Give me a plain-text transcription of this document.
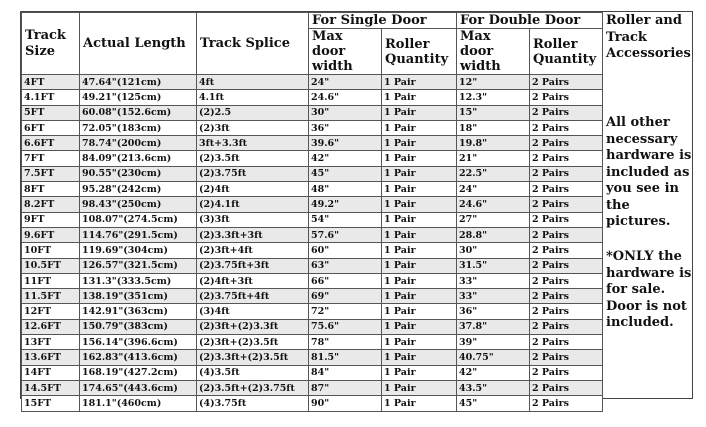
Track Size	Actual Length	Track Splice	For Single Door		For Double Door	
			Max door width	Roller Quantity	Max door width	Roller Quantity
4FT	47.64"(121cm)	4ft	24"	1 Pair	12"	2 Pairs
4.1FT	49.21"(125cm)	4.1ft	24.6"	1 Pair	12.3"	2 Pairs
5FT	60.08"(152.6cm)	(2)2.5	30"	1 Pair	15"	2 Pairs
6FT	72.05"(183cm)	(2)3ft	36"	1 Pair	18"	2 Pairs
6.6FT	78.74"(200cm)	3ft+3.3ft	39.6"	1 Pair	19.8"	2 Pairs
7FT	84.09"(213.6cm)	(2)3.5ft	42"	1 Pair	21"	2 Pairs
7.5FT	90.55"(230cm)	(2)3.75ft	45"	1 Pair	22.5"	2 Pairs
8FT	95.28"(242cm)	(2)4ft	48"	1 Pair	24"	2 Pairs
8.2FT	98.43"(250cm)	(2)4.1ft	49.2"	1 Pair	24.6"	2 Pairs
9FT	108.07"(274.5cm)	(3)3ft	54"	1 Pair	27"	2 Pairs
9.6FT	114.76"(291.5cm)	(2)3.3ft+3ft	57.6"	1 Pair	28.8"	2 Pairs
10FT	119.69"(304cm)	(2)3ft+4ft	60"	1 Pair	30"	2 Pairs
10.5FT	126.57"(321.5cm)	(2)3.75ft+3ft	63"	1 Pair	31.5"	2 Pairs
11FT	131.3"(333.5cm)	(2)4ft+3ft	66"	1 Pair	33"	2 Pairs
11.5FT	138.19"(351cm)	(2)3.75ft+4ft	69"	1 Pair	33"	2 Pairs
12FT	142.91"(363cm)	(3)4ft	72"	1 Pair	36"	2 Pairs
12.6FT	150.79"(383cm)	(2)3ft+(2)3.3ft	75.6"	1 Pair	37.8"	2 Pairs
13FT	156.14"(396.6cm)	(2)3ft+(2)3.5ft	78"	1 Pair	39"	2 Pairs
13.6FT	162.83"(413.6cm)	(2)3.3ft+(2)3.5ft	81.5"	1 Pair	40.75"	2 Pairs
14FT	168.19"(427.2cm)	(4)3.5ft	84"	1 Pair	42"	2 Pairs
14.5FT	174.65"(443.6cm)	(2)3.5ft+(2)3.75ft	87"	1 Pair	43.5"	2 Pairs
15FT	181.1"(460cm)	(4)3.75ft	90"	1 Pair	45"	2 Pairs

Roller and
Track
Accessories

All other
necessary
hardware is
included as
you see in
the
pictures.

*ONLY the
hardware is
for sale.
Door is not
included.
